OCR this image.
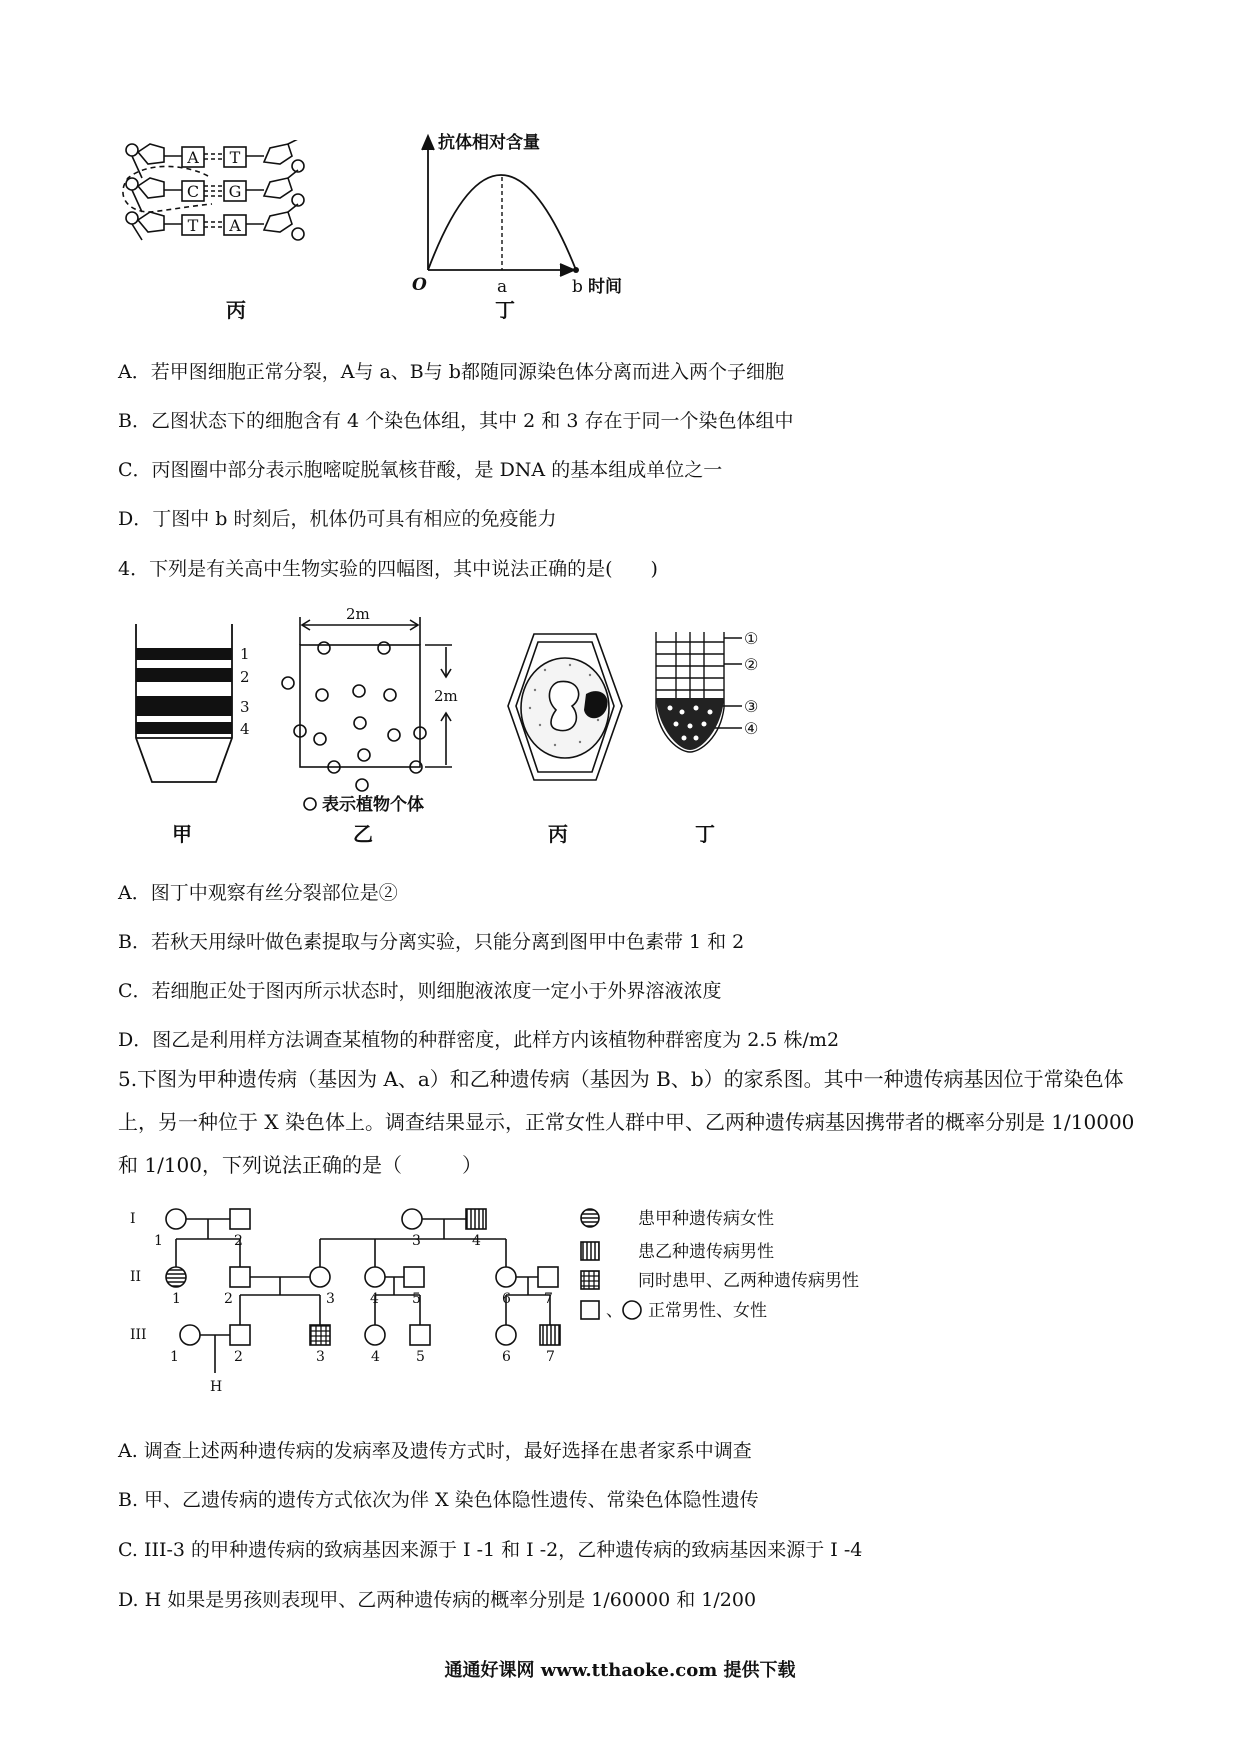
A
C
T
T
G
A
丙
抗体相对含量
O	a	b 时间
丁
A．若甲图细胞正常分裂，A与 a、B与 b都随同源染色体分离而进入两个子细胞
B．乙图状态下的细胞含有 4 个染色体组，其中 2 和 3 存在于同一个染色体组中
C．丙图圈中部分表示胞嘧啶脱氧核苷酸，是 DNA 的基本组成单位之一
D．丁图中 b 时刻后，机体仍可具有相应的免疫能力
4．下列是有关高中生物实验的四幅图，其中说法正确的是(　　)
1
2
3
4
甲
2m
2m
表示植物个体
乙	丙
①
②
③
④
丁
A．图丁中观察有丝分裂部位是②
B．若秋天用绿叶做色素提取与分离实验，只能分离到图甲中色素带 1 和 2
C．若细胞正处于图丙所示状态时，则细胞液浓度一定小于外界溶液浓度
D．图乙是利用样方法调查某植物的种群密度，此样方内该植物种群密度为 2.5 株/m2
5.下图为甲种遗传病（基因为 A、a）和乙种遗传病（基因为 B、b）的家系图。其中一种遗传病基因位于常染色体上，另一种位于 X 染色体上。调查结果显示，正常女性人群中甲、乙两种遗传病基因携带者的概率分别是 1/10000 和 1/100，下列说法正确的是（　　　）
I
II
III
1	2	3	4
1	2	3	4 5	6 7
1	2	3	4	5	6	7
H
患甲种遗传病女性
患乙种遗传病男性
同时患甲、乙两种遗传病男性
、 正常男性、女性
A. 调查上述两种遗传病的发病率及遗传方式时，最好选择在患者家系中调查
B. 甲、乙遗传病的遗传方式依次为伴 X 染色体隐性遗传、常染色体隐性遗传
C. III-3 的甲种遗传病的致病基因来源于 I -1 和 I -2，乙种遗传病的致病基因来源于 I -4
D. H 如果是男孩则表现甲、乙两种遗传病的概率分别是 1/60000 和 1/200
通通好课网 www.tthaoke.com 提供下载
